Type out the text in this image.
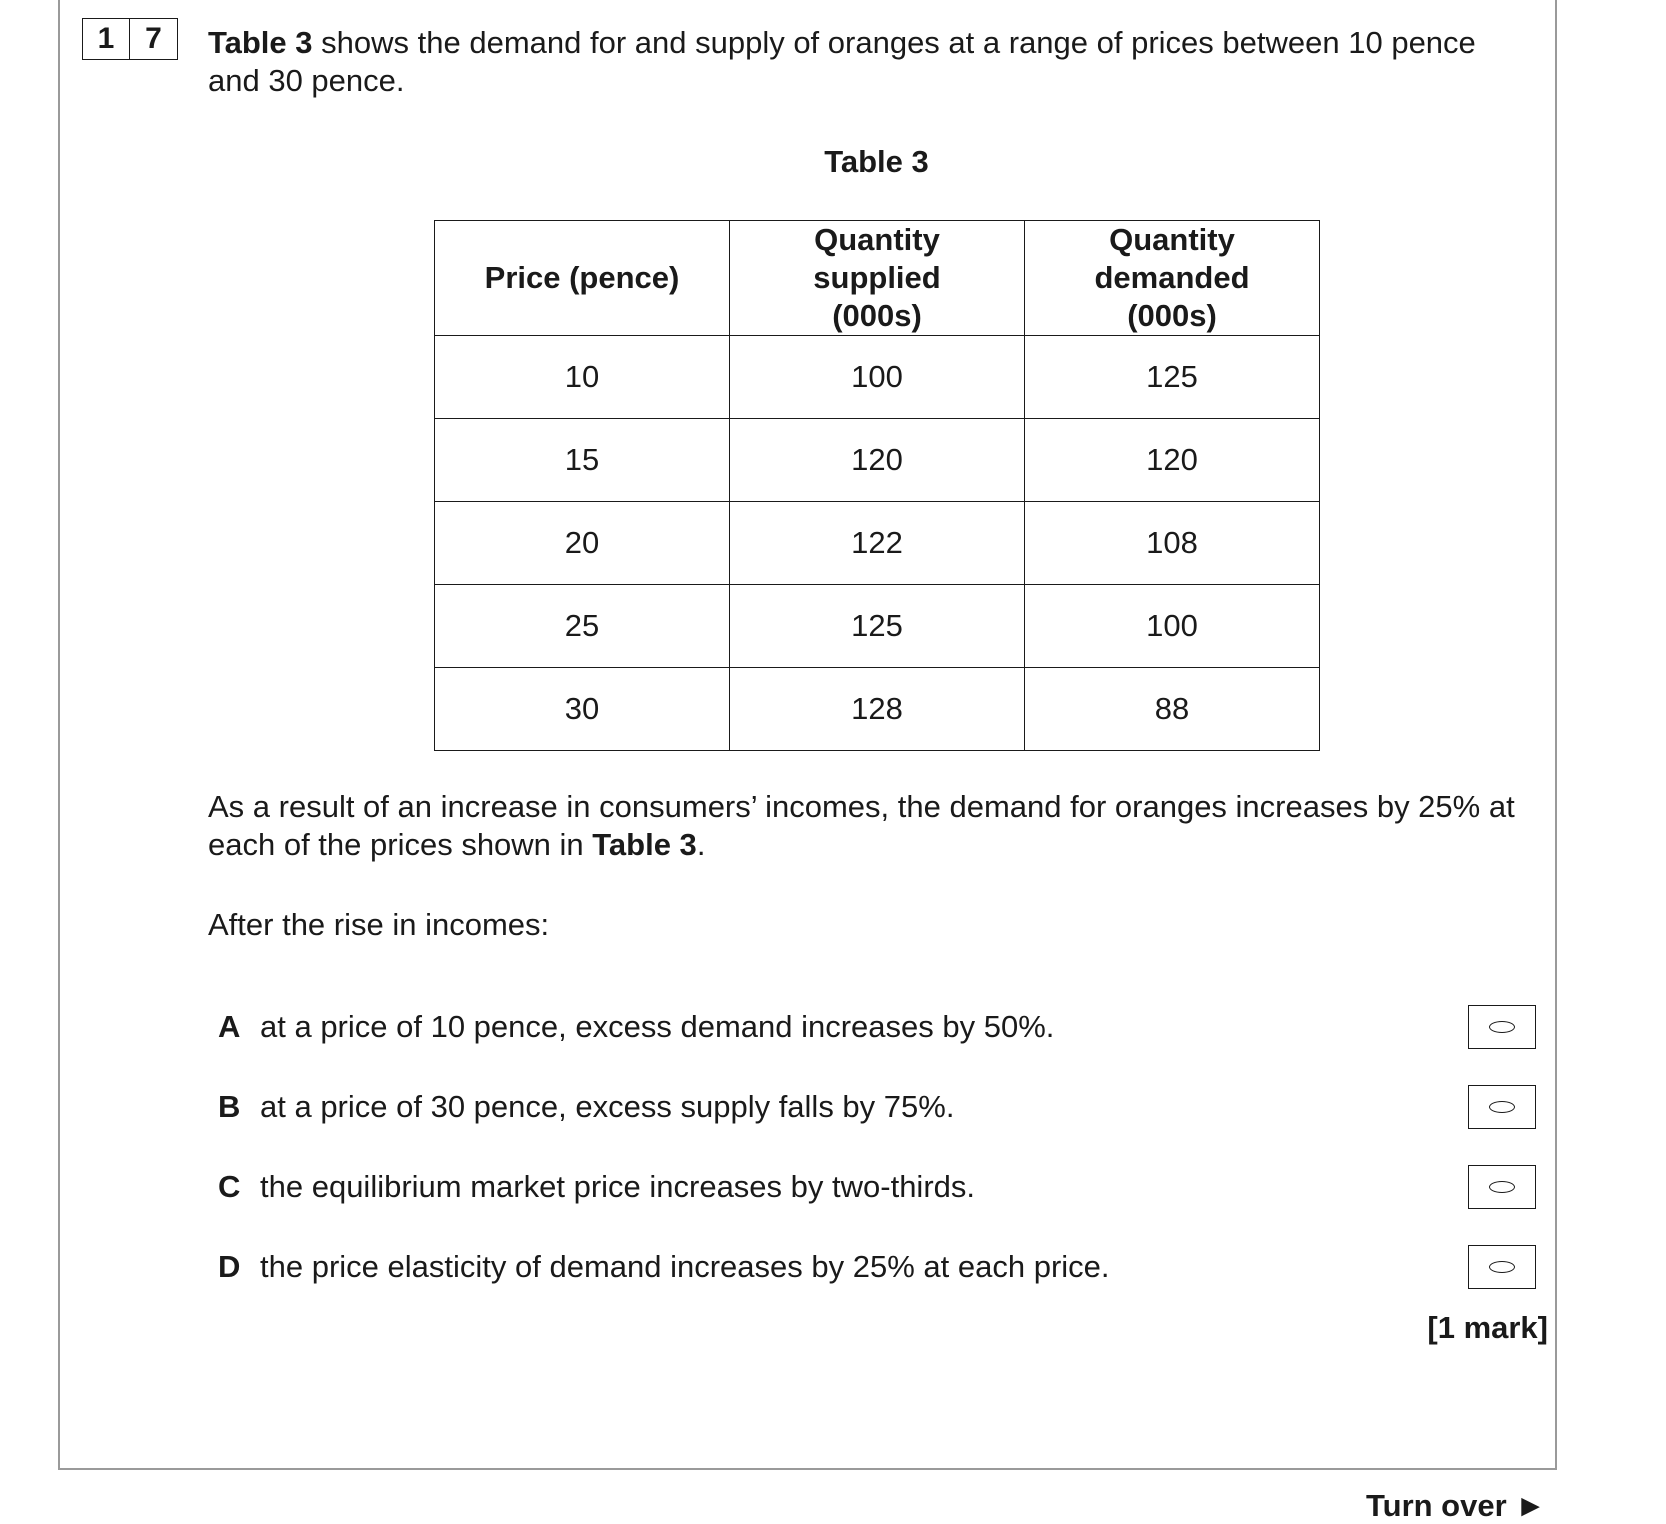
1	7	Table 3 shows the demand for and supply of oranges at a range of prices between 10 pence and 30 pence.

Table 3
Price (pence)	Quantity supplied (000s)	Quantity demanded (000s)
10	100	125
15	120	120
20	122	108
25	125	100
30	128	88

As a result of an increase in consumers’ incomes, the demand for oranges increases by 25% at each of the prices shown in Table 3.

After the rise in incomes:

A at a price of 10 pence, excess demand increases by 50%.
B at a price of 30 pence, excess supply falls by 75%.
C the equilibrium market price increases by two-thirds.
D the price elasticity of demand increases by 25% at each price.
[1 mark]
Turn over ►
